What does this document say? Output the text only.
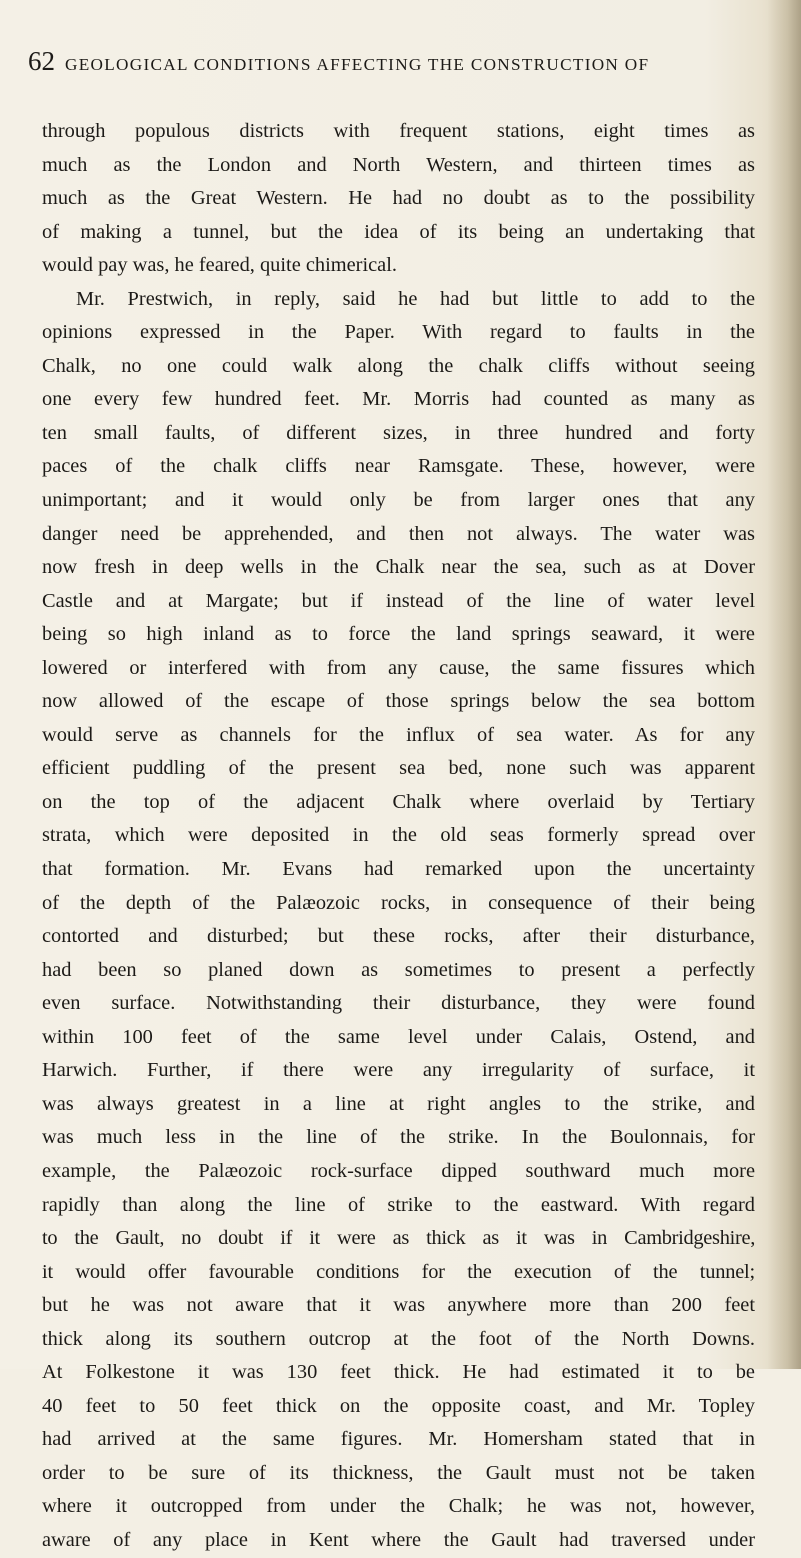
62 GEOLOGICAL CONDITIONS AFFECTING THE CONSTRUCTION OF
through populous districts with frequent stations, eight times as
much as the London and North Western, and thirteen times as
much as the Great Western. He had no doubt as to the possibility
of making a tunnel, but the idea of its being an undertaking that
would pay was, he feared, quite chimerical.
Mr. Prestwich, in reply, said he had but little to add to the
opinions expressed in the Paper. With regard to faults in the
Chalk, no one could walk along the chalk cliffs without seeing
one every few hundred feet. Mr. Morris had counted as many as
ten small faults, of different sizes, in three hundred and forty
paces of the chalk cliffs near Ramsgate. These, however, were
unimportant; and it would only be from larger ones that any
danger need be apprehended, and then not always. The water was
now fresh in deep wells in the Chalk near the sea, such as at Dover
Castle and at Margate; but if instead of the line of water level
being so high inland as to force the land springs seaward, it were
lowered or interfered with from any cause, the same fissures which
now allowed of the escape of those springs below the sea bottom
would serve as channels for the influx of sea water. As for any
efficient puddling of the present sea bed, none such was apparent
on the top of the adjacent Chalk where overlaid by Tertiary
strata, which were deposited in the old seas formerly spread over
that formation. Mr. Evans had remarked upon the uncertainty
of the depth of the Palæozoic rocks, in consequence of their being
contorted and disturbed; but these rocks, after their disturbance,
had been so planed down as sometimes to present a perfectly
even surface. Notwithstanding their disturbance, they were found
within 100 feet of the same level under Calais, Ostend, and
Harwich. Further, if there were any irregularity of surface, it
was always greatest in a line at right angles to the strike, and
was much less in the line of the strike. In the Boulonnais, for
example, the Palæozoic rock-surface dipped southward much more
rapidly than along the line of strike to the eastward. With regard
to the Gault, no doubt if it were as thick as it was in Cambridgeshire,
it would offer favourable conditions for the execution of the tunnel;
but he was not aware that it was anywhere more than 200 feet
thick along its southern outcrop at the foot of the North Downs.
At Folkestone it was 130 feet thick. He had estimated it to be
40 feet to 50 feet thick on the opposite coast, and Mr. Topley
had arrived at the same figures. Mr. Homersham stated that in
order to be sure of its thickness, the Gault must not be taken
where it outcropped from under the Chalk; he was not, however,
aware of any place in Kent where the Gault had traversed under
